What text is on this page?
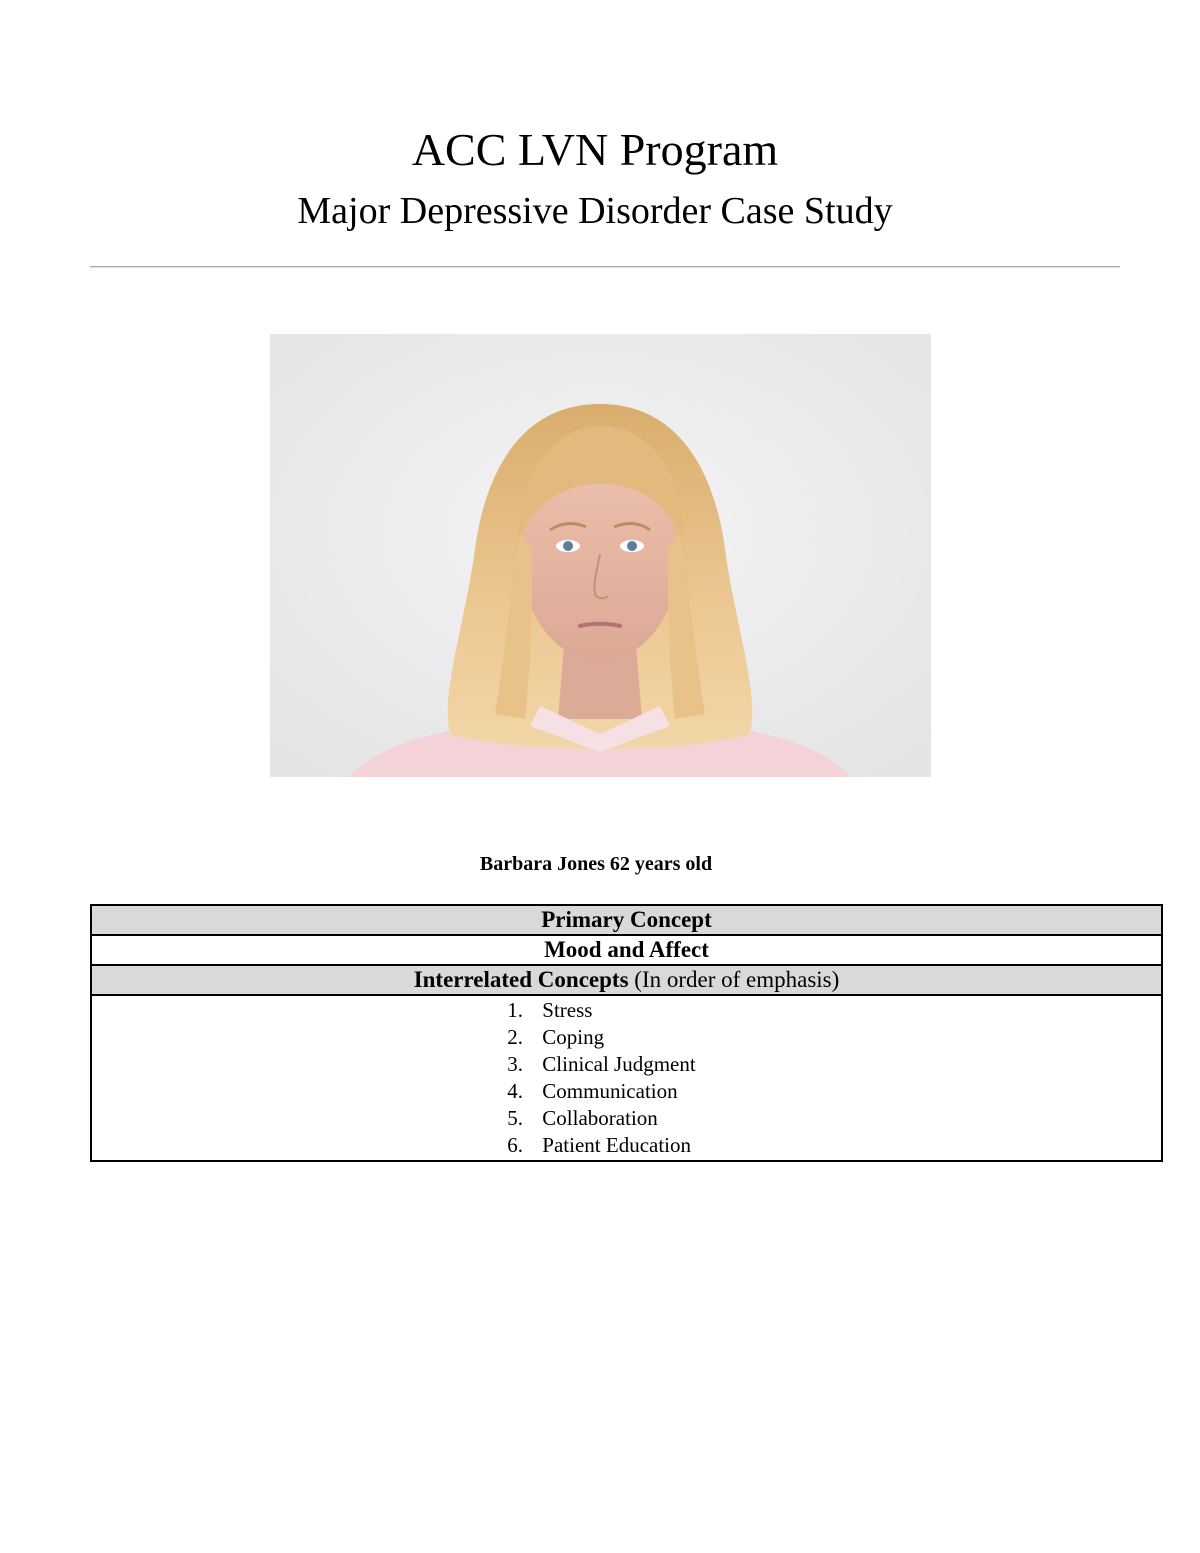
ACC LVN Program
Major Depressive Disorder Case Study
Barbara Jones 62 years old
Primary Concept
Mood and Affect
Interrelated Concepts (In order of emphasis)

1. Stress
2. Coping
3. Clinical Judgment
4. Communication
5. Collaboration
6. Patient Education
